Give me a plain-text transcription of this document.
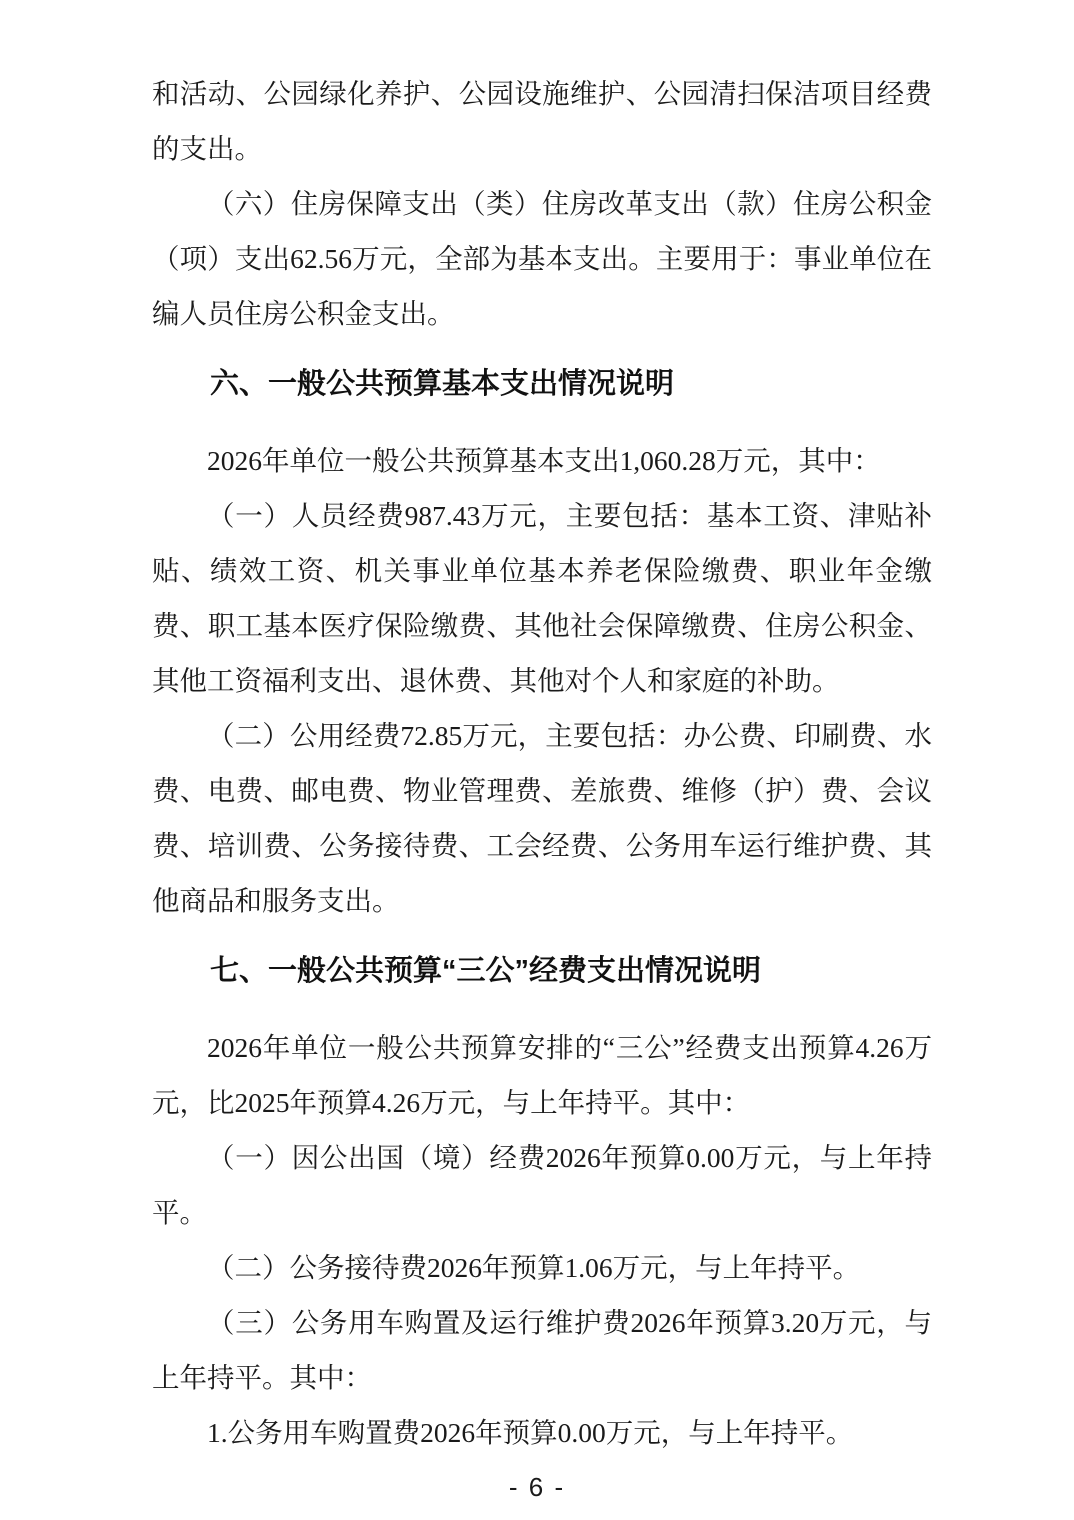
和活动、公园绿化养护、公园设施维护、公园清扫保洁项目经费的支出。

（六）住房保障支出（类）住房改革支出（款）住房公积金（项）支出62.56万元，全部为基本支出。主要用于：事业单位在编人员住房公积金支出。

六、一般公共预算基本支出情况说明

2026年单位一般公共预算基本支出1,060.28万元，其中：

（一）人员经费987.43万元，主要包括：基本工资、津贴补贴、绩效工资、机关事业单位基本养老保险缴费、职业年金缴费、职工基本医疗保险缴费、其他社会保障缴费、住房公积金、其他工资福利支出、退休费、其他对个人和家庭的补助。

（二）公用经费72.85万元，主要包括：办公费、印刷费、水费、电费、邮电费、物业管理费、差旅费、维修（护）费、会议费、培训费、公务接待费、工会经费、公务用车运行维护费、其他商品和服务支出。

七、一般公共预算“三公”经费支出情况说明

2026年单位一般公共预算安排的“三公”经费支出预算4.26万元，比2025年预算4.26万元，与上年持平。其中：

（一）因公出国（境）经费2026年预算0.00万元，与上年持平。

（二）公务接待费2026年预算1.06万元，与上年持平。

（三）公务用车购置及运行维护费2026年预算3.20万元，与上年持平。其中：

1.公务用车购置费2026年预算0.00万元，与上年持平。

- 6 -
